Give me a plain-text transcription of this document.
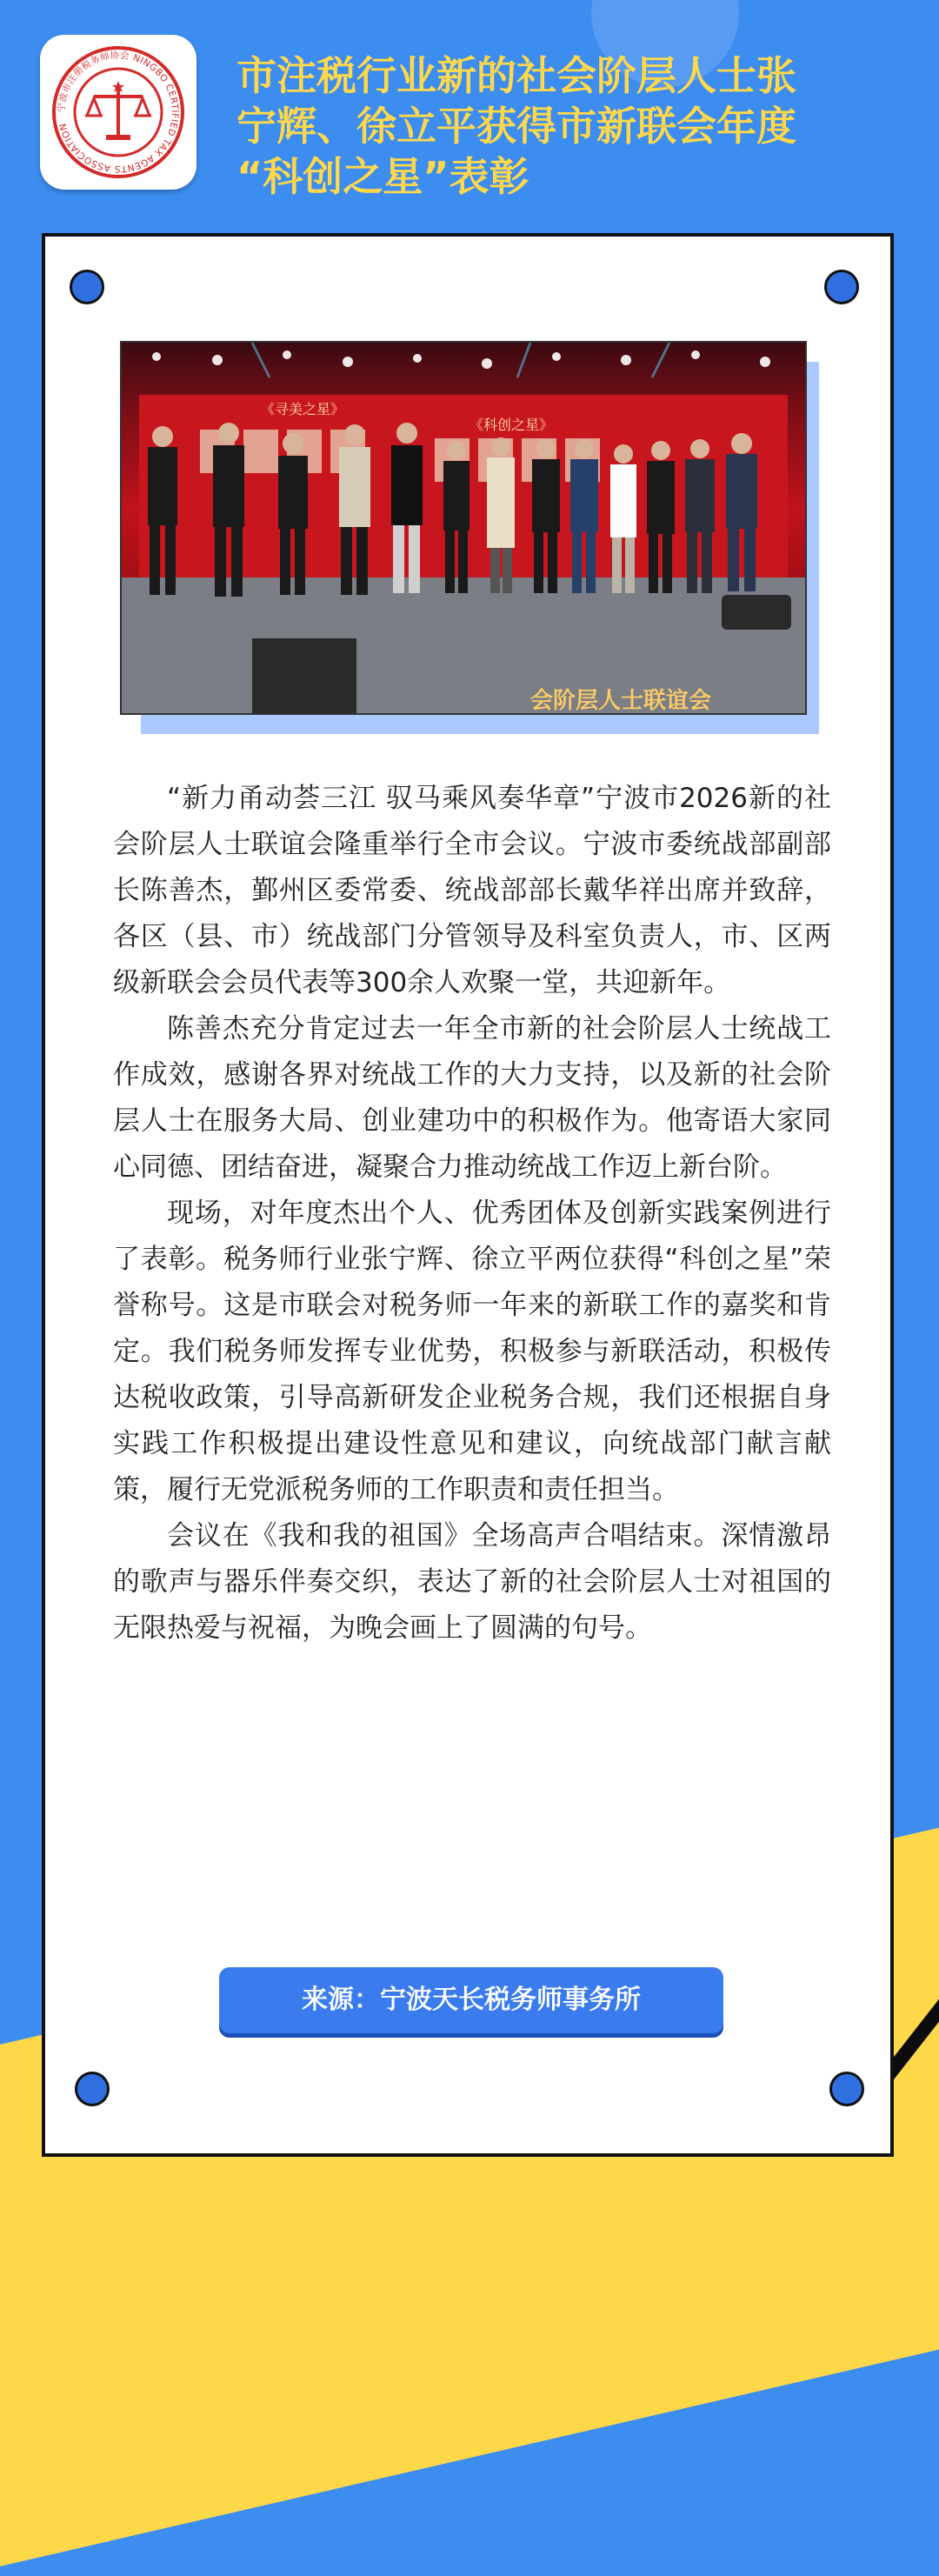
宁波市注册税务师协会 NINGBO CERTIFIED TAX AGENTS ASSOCIATION
市注税行业新的社会阶层人士张
宁辉、徐立平获得市新联会年度
“科创之星”表彰
《寻美之星》
《科创之星》
会阶层人士联谊会

“新力甬动荟三江 驭马乘风奏华章”宁波市2026新的社会阶层人士联谊会隆重举行全市会议。宁波市委统战部副部长陈善杰，鄞州区委常委、统战部部长戴华祥出席并致辞，各区（县、市）统战部门分管领导及科室负责人，市、区两级新联会会员代表等300余人欢聚一堂，共迎新年。

陈善杰充分肯定过去一年全市新的社会阶层人士统战工作成效，感谢各界对统战工作的大力支持，以及新的社会阶层人士在服务大局、创业建功中的积极作为。他寄语大家同心同德、团结奋进，凝聚合力推动统战工作迈上新台阶。

现场，对年度杰出个人、优秀团体及创新实践案例进行了表彰。税务师行业张宁辉、徐立平两位获得“科创之星”荣誉称号。这是市联会对税务师一年来的新联工作的嘉奖和肯定。我们税务师发挥专业优势，积极参与新联活动，积极传达税收政策，引导高新研发企业税务合规，我们还根据自身实践工作积极提出建设性意见和建议，向统战部门献言献策，履行无党派税务师的工作职责和责任担当。

会议在《我和我的祖国》全场高声合唱结束。深情激昂的歌声与器乐伴奏交织，表达了新的社会阶层人士对祖国的无限热爱与祝福，为晚会画上了圆满的句号。

来源：宁波天长税务师事务所
